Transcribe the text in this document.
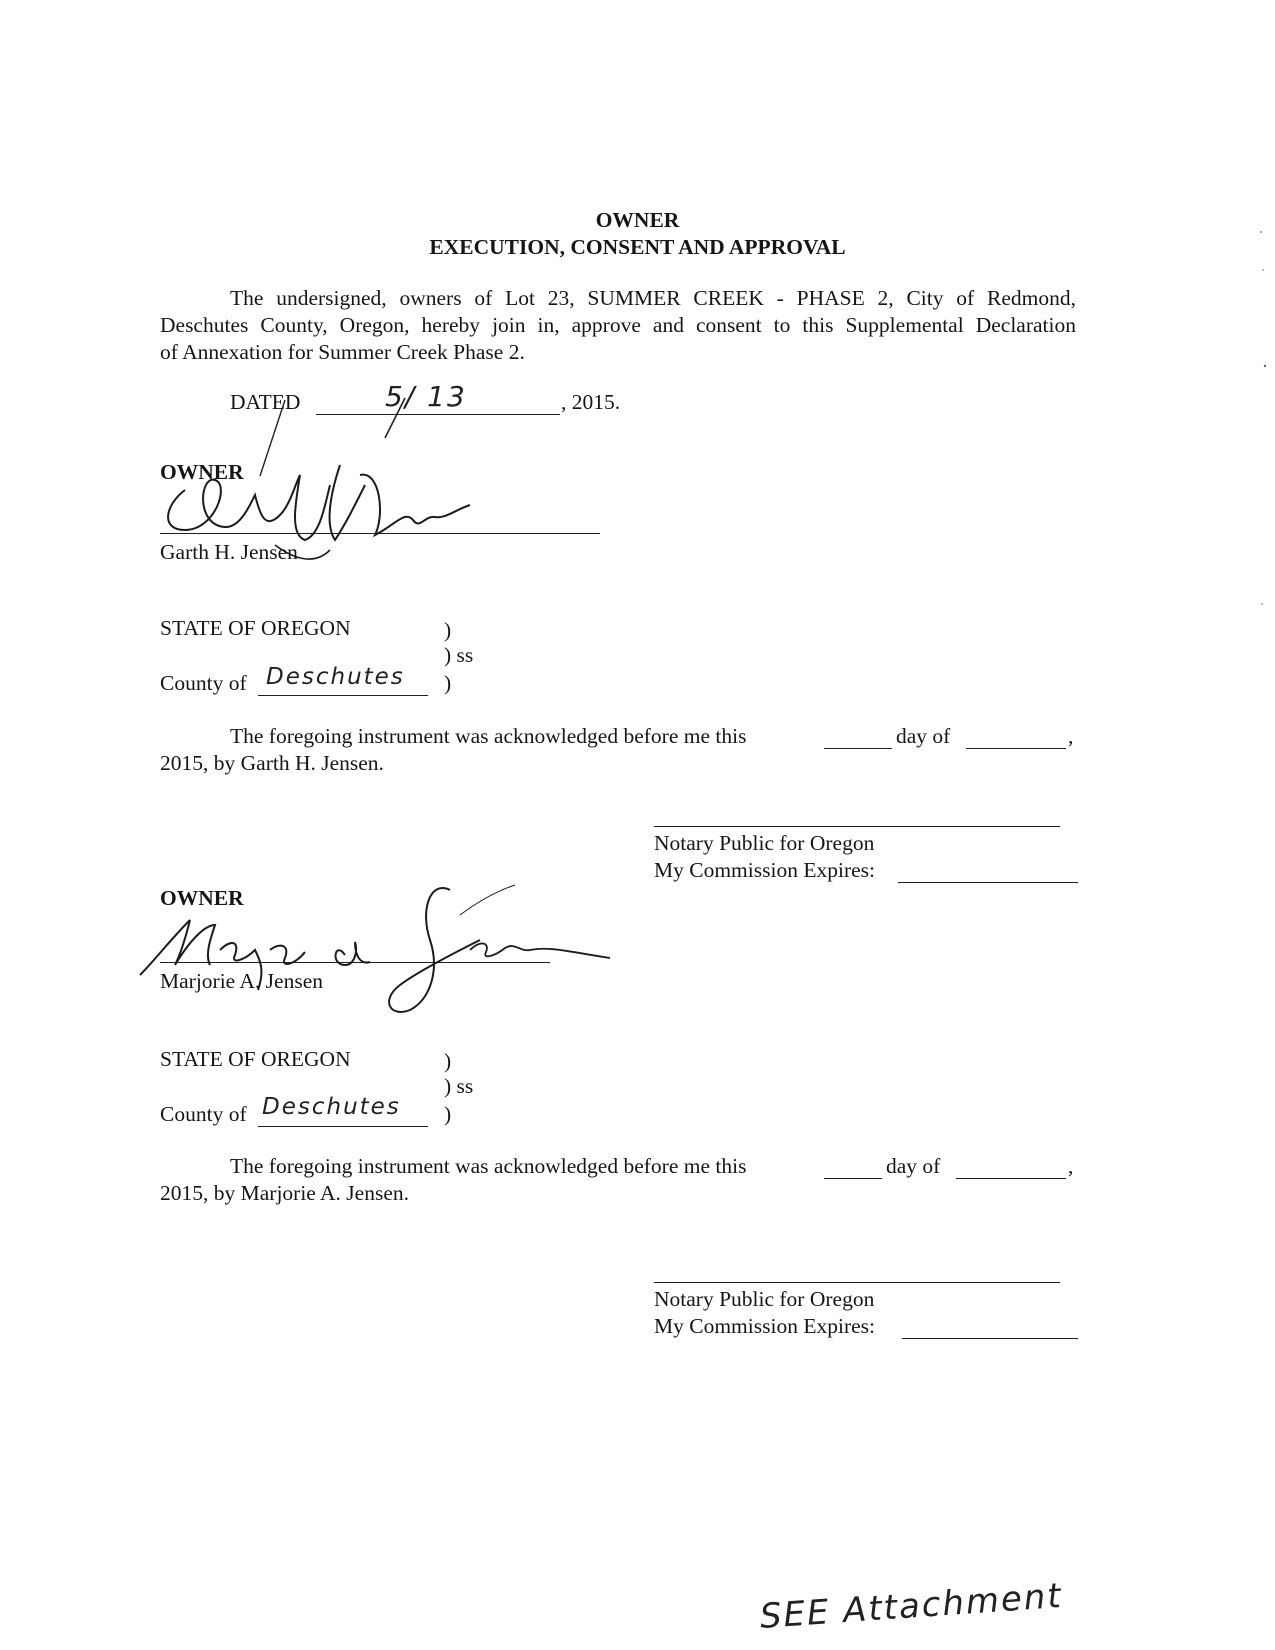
OWNER
EXECUTION, CONSENT AND APPROVAL
The undersigned, owners of Lot 23, SUMMER CREEK - PHASE 2, City of Redmond,
Deschutes County, Oregon, hereby join in, approve and consent to this Supplemental Declaration
of Annexation for Summer Creek Phase 2.
DATED	5/ 13	, 2015.
OWNER
Garth H. Jensen
STATE OF OREGON	)
) ss
County of Deschutes )
The foregoing instrument was acknowledged before me this	day of	,
2015, by Garth H. Jensen.
Notary Public for Oregon
My Commission Expires:
OWNER
Marjorie A. Jensen
STATE OF OREGON	)
) ss
County of Deschutes )
The foregoing instrument was acknowledged before me this	day of	,
2015, by Marjorie A. Jensen.
Notary Public for Oregon
My Commission Expires:
SEE Attachment
